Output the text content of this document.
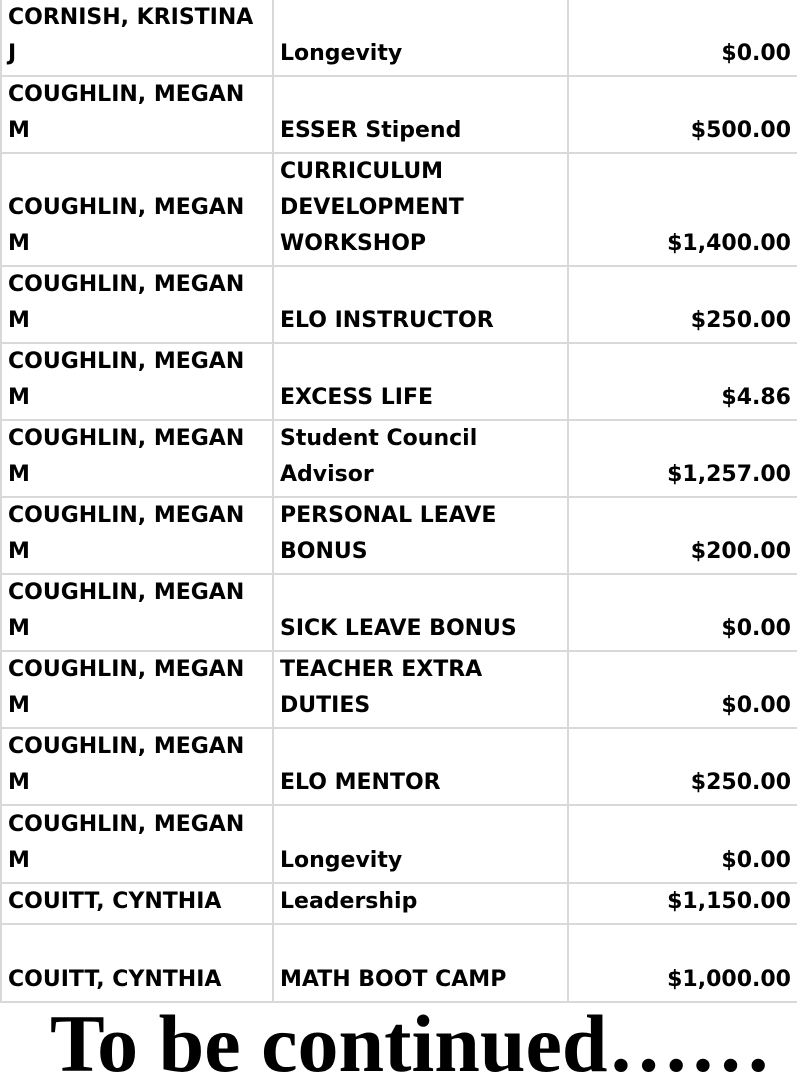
CORNISH, KRISTINA J	Longevity	$0.00
COUGHLIN, MEGAN M	ESSER Stipend	$500.00
COUGHLIN, MEGAN M	CURRICULUM DEVELOPMENT WORKSHOP	$1,400.00
COUGHLIN, MEGAN M	ELO INSTRUCTOR	$250.00
COUGHLIN, MEGAN M	EXCESS LIFE	$4.86
COUGHLIN, MEGAN M	Student Council Advisor	$1,257.00
COUGHLIN, MEGAN M	PERSONAL LEAVE BONUS	$200.00
COUGHLIN, MEGAN M	SICK LEAVE BONUS	$0.00
COUGHLIN, MEGAN M	TEACHER EXTRA DUTIES	$0.00
COUGHLIN, MEGAN M	ELO MENTOR	$250.00
COUGHLIN, MEGAN M	Longevity	$0.00
COUITT, CYNTHIA	Leadership	$1,150.00
COUITT, CYNTHIA	MATH BOOT CAMP	$1,000.00
To be continued……
